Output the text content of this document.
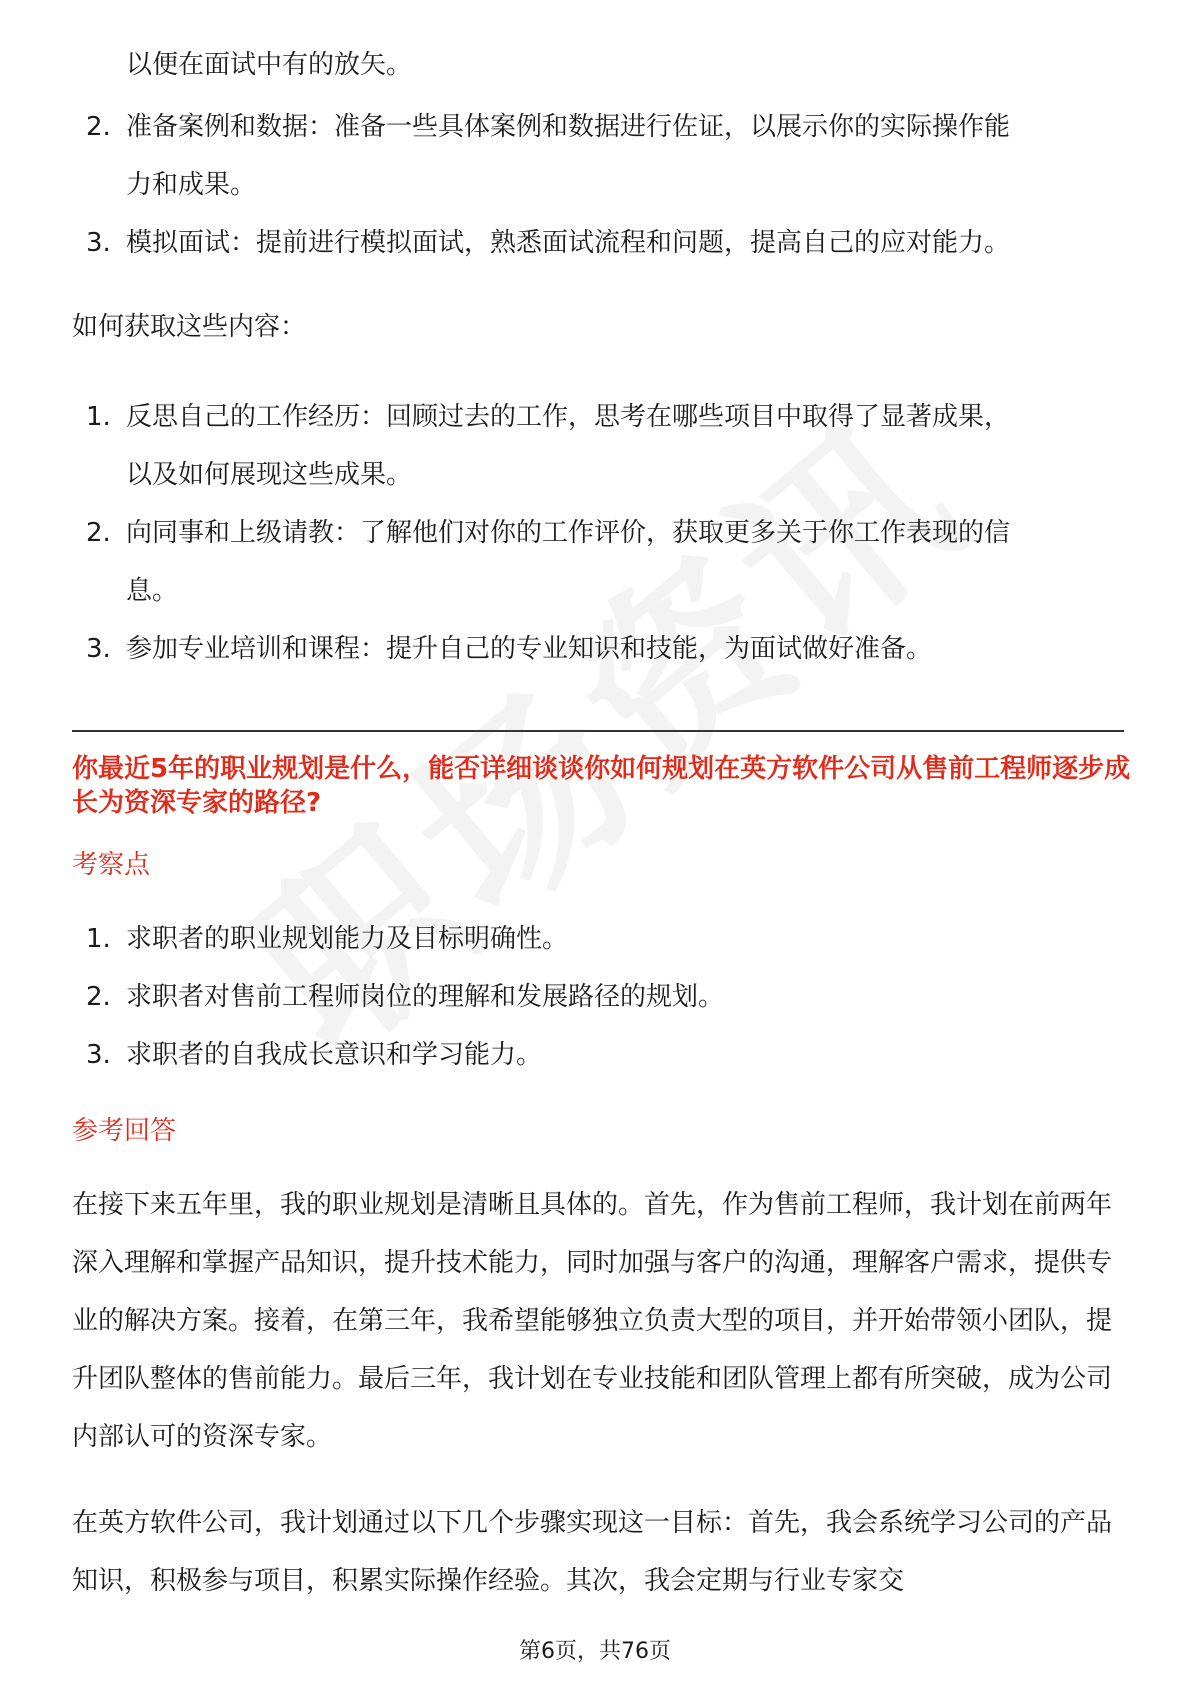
以便在面试中有的放矢。
2. 准备案例和数据：准备一些具体案例和数据进行佐证，以展示你的实际操作能
力和成果。
3. 模拟面试：提前进行模拟面试，熟悉面试流程和问题，提高自己的应对能力。
如何获取这些内容：
1. 反思自己的工作经历：回顾过去的工作，思考在哪些项目中取得了显著成果，
以及如何展现这些成果。
2. 向同事和上级请教：了解他们对你的工作评价，获取更多关于你工作表现的信
息。
3. 参加专业培训和课程：提升自己的专业知识和技能，为面试做好准备。
你最近5年的职业规划是什么，能否详细谈谈你如何规划在英方软件公司从售前工程师逐步成长为资深专家的路径?
考察点
1. 求职者的职业规划能力及目标明确性。
2. 求职者对售前工程师岗位的理解和发展路径的规划。
3. 求职者的自我成长意识和学习能力。
参考回答
在接下来五年里，我的职业规划是清晰且具体的。首先，作为售前工程师，我计划在前两年深入理解和掌握产品知识，提升技术能力，同时加强与客户的沟通，理解客户需求，提供专业的解决方案。接着，在第三年，我希望能够独立负责大型的项目，并开始带领小团队，提升团队整体的售前能力。最后三年，我计划在专业技能和团队管理上都有所突破，成为公司内部认可的资深专家。
在英方软件公司，我计划通过以下几个步骤实现这一目标：首先，我会系统学习公司的产品知识，积极参与项目，积累实际操作经验。其次，我会定期与行业专家交
第6页，共76页
